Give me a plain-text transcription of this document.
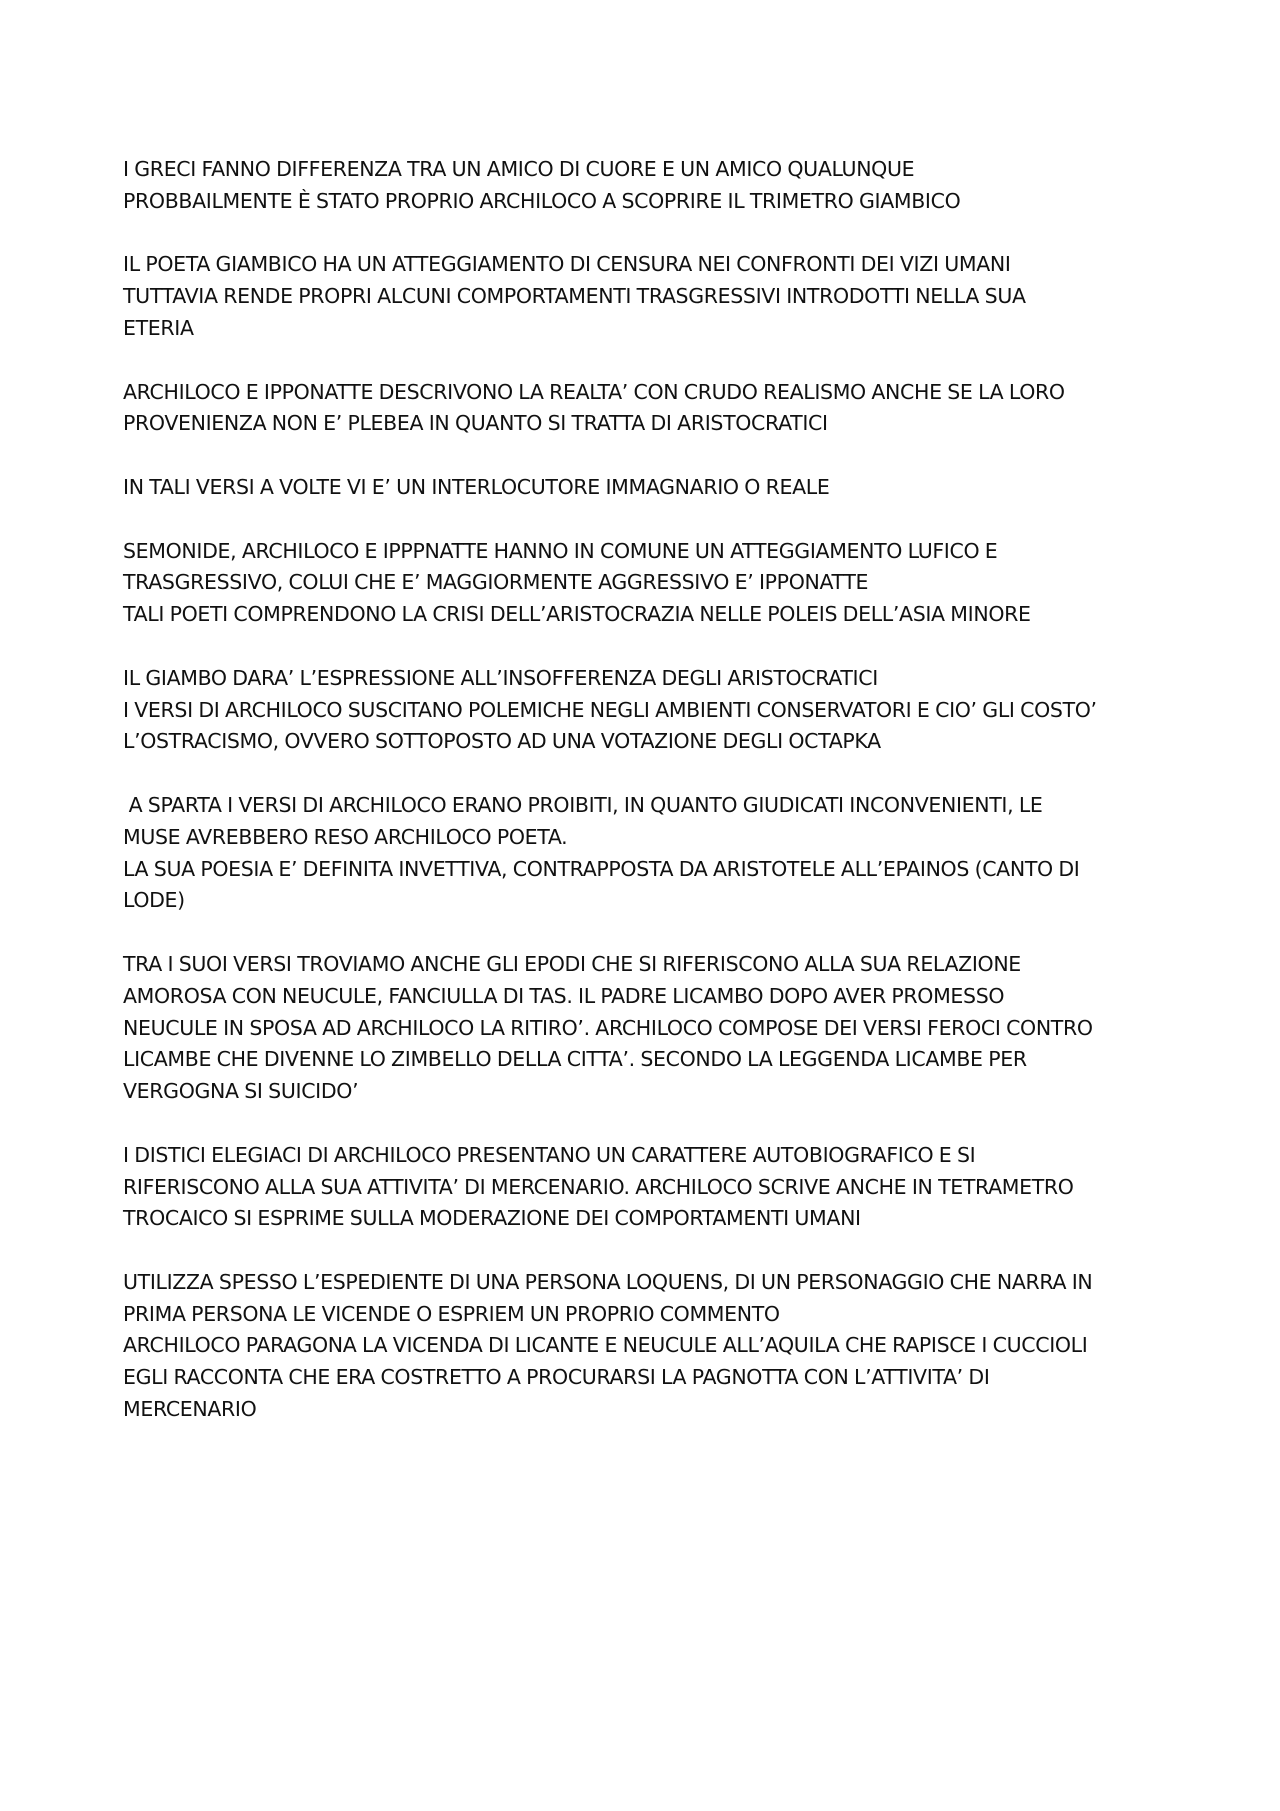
I GRECI FANNO DIFFERENZA TRA UN AMICO DI CUORE E UN AMICO QUALUNQUE
PROBBAILMENTE È STATO PROPRIO ARCHILOCO A SCOPRIRE IL TRIMETRO GIAMBICO
IL POETA GIAMBICO HA UN ATTEGGIAMENTO DI CENSURA NEI CONFRONTI DEI VIZI UMANI
TUTTAVIA RENDE PROPRI ALCUNI COMPORTAMENTI TRASGRESSIVI INTRODOTTI NELLA SUA
ETERIA
ARCHILOCO E IPPONATTE DESCRIVONO LA REALTA’ CON CRUDO REALISMO ANCHE SE LA LORO
PROVENIENZA NON E’ PLEBEA IN QUANTO SI TRATTA DI ARISTOCRATICI
IN TALI VERSI A VOLTE VI E’ UN INTERLOCUTORE IMMAGNARIO O REALE
SEMONIDE, ARCHILOCO E IPPPNATTE HANNO IN COMUNE UN ATTEGGIAMENTO LUFICO E
TRASGRESSIVO, COLUI CHE E’ MAGGIORMENTE AGGRESSIVO E’ IPPONATTE
TALI POETI COMPRENDONO LA CRISI DELL’ARISTOCRAZIA NELLE POLEIS DELL’ASIA MINORE
IL GIAMBO DARA’ L’ESPRESSIONE ALL’INSOFFERENZA DEGLI ARISTOCRATICI
I VERSI DI ARCHILOCO SUSCITANO POLEMICHE NEGLI AMBIENTI CONSERVATORI E CIO’ GLI COSTO’
L’OSTRACISMO, OVVERO SOTTOPOSTO AD UNA VOTAZIONE DEGLI OCTAPKA
A SPARTA I VERSI DI ARCHILOCO ERANO PROIBITI, IN QUANTO GIUDICATI INCONVENIENTI, LE
MUSE AVREBBERO RESO ARCHILOCO POETA.
LA SUA POESIA E’ DEFINITA INVETTIVA, CONTRAPPOSTA DA ARISTOTELE ALL’EPAINOS (CANTO DI
LODE)
TRA I SUOI VERSI TROVIAMO ANCHE GLI EPODI CHE SI RIFERISCONO ALLA SUA RELAZIONE
AMOROSA CON NEUCULE, FANCIULLA DI TAS. IL PADRE LICAMBO DOPO AVER PROMESSO
NEUCULE IN SPOSA AD ARCHILOCO LA RITIRO’. ARCHILOCO COMPOSE DEI VERSI FEROCI CONTRO
LICAMBE CHE DIVENNE LO ZIMBELLO DELLA CITTA’. SECONDO LA LEGGENDA LICAMBE PER
VERGOGNA SI SUICIDO’
I DISTICI ELEGIACI DI ARCHILOCO PRESENTANO UN CARATTERE AUTOBIOGRAFICO E SI
RIFERISCONO ALLA SUA ATTIVITA’ DI MERCENARIO. ARCHILOCO SCRIVE ANCHE IN TETRAMETRO
TROCAICO SI ESPRIME SULLA MODERAZIONE DEI COMPORTAMENTI UMANI
UTILIZZA SPESSO L’ESPEDIENTE DI UNA PERSONA LOQUENS, DI UN PERSONAGGIO CHE NARRA IN
PRIMA PERSONA LE VICENDE O ESPRIEM UN PROPRIO COMMENTO
ARCHILOCO PARAGONA LA VICENDA DI LICANTE E NEUCULE ALL’AQUILA CHE RAPISCE I CUCCIOLI
EGLI RACCONTA CHE ERA COSTRETTO A PROCURARSI LA PAGNOTTA CON L’ATTIVITA’ DI
MERCENARIO
